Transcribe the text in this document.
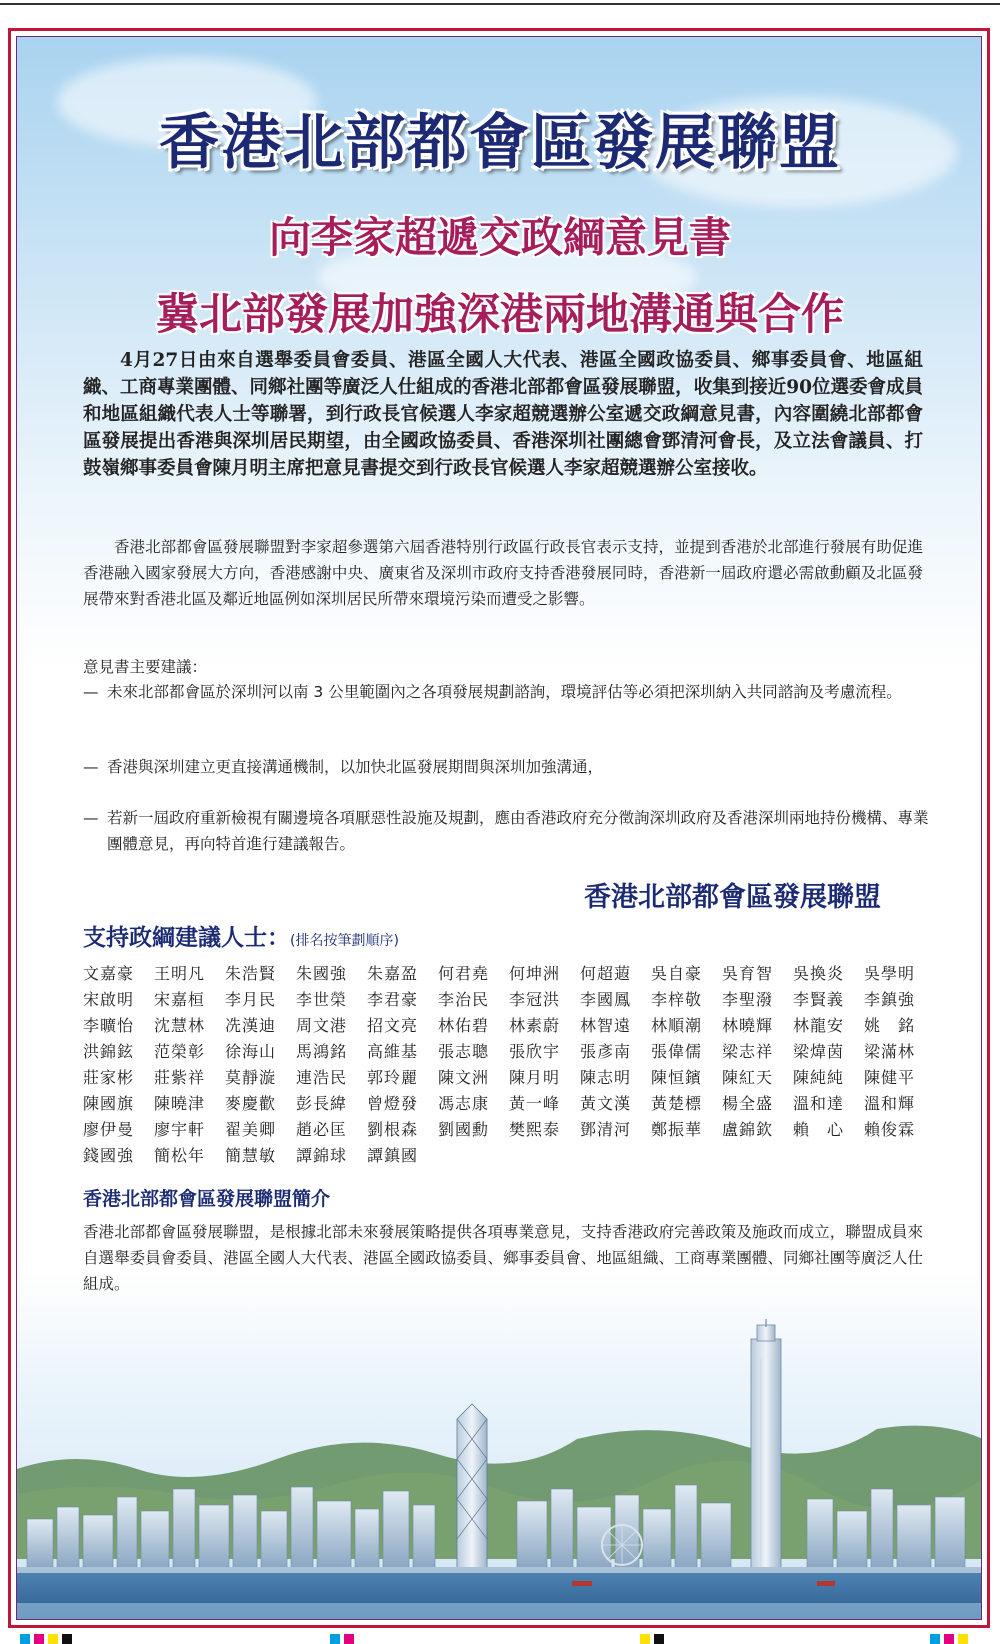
香港北部都會區發展聯盟
向李家超遞交政綱意見書
冀北部發展加強深港兩地溝通與合作

4月27日由來自選舉委員會委員、港區全國人大代表、港區全國政協委員、鄉事委員會、地區組織、工商專業團體、同鄉社團等廣泛人仕組成的香港北部都會區發展聯盟，收集到接近90位選委會成員和地區組織代表人士等聯署，到行政長官候選人李家超競選辦公室遞交政綱意見書，內容圍繞北部都會區發展提出香港與深圳居民期望，由全國政協委員、香港深圳社團總會鄧清河會長，及立法會議員、打鼓嶺鄉事委員會陳月明主席把意見書提交到行政長官候選人李家超競選辦公室接收。

香港北部都會區發展聯盟對李家超參選第六屆香港特別行政區行政長官表示支持，並提到香港於北部進行發展有助促進香港融入國家發展大方向，香港感謝中央、廣東省及深圳市政府支持香港發展同時，香港新一屆政府還必需啟動顧及北區發展帶來對香港北區及鄰近地區例如深圳居民所帶來環境污染而遭受之影響。

意見書主要建議：

— 未來北部都會區於深圳河以南 3 公里範圍內之各項發展規劃諮詢，環境評估等必須把深圳納入共同諮詢及考慮流程。

— 香港與深圳建立更直接溝通機制，以加快北區發展期間與深圳加強溝通，

— 若新一屆政府重新檢視有關邊境各項厭惡性設施及規劃，應由香港政府充分徵詢深圳政府及香港深圳兩地持份機構、專業團體意見，再向特首進行建議報告。

香港北部都會區發展聯盟
支持政綱建議人士：(排名按筆劃順序)
文嘉豪	王明凡	朱浩賢	朱國強	朱嘉盈	何君堯	何坤洲	何超蕸	吳自豪	吳育智	吳換炎	吳學明
宋啟明	宋嘉桓	李月民	李世榮	李君豪	李治民	李冠洪	李國鳳	李梓敬	李聖潑	李賢義	李鎮強
李曠怡	沈慧林	冼漢迪	周文港	招文亮	林佑碧	林素蔚	林智遠	林順潮	林曉輝	林龍安	姚　銘
洪錦鉉	范榮彰	徐海山	馬鴻銘	高維基	張志聰	張欣宇	張彥南	張偉儒	梁志祥	梁煒茵	梁滿林
莊家彬	莊紫祥	莫靜漩	連浩民	郭玲麗	陳文洲	陳月明	陳志明	陳恒鑌	陳紅天	陳純純	陳健平
陳國旗	陳曉津	麥慶歡	彭長緯	曾燈發	馮志康	黃一峰	黃文漢	黃楚標	楊全盛	溫和達	溫和輝
廖伊曼	廖宇軒	翟美卿	趙必匡	劉根森	劉國勳	樊熙泰	鄧清河	鄭振華	盧錦欽	賴　心	賴俊霖
錢國強	簡松年	簡慧敏	譚錦球	譚鎮國
香港北部都會區發展聯盟簡介

香港北部都會區發展聯盟，是根據北部未來發展策略提供各項專業意見，支持香港政府完善政策及施政而成立，聯盟成員來自選舉委員會委員、港區全國人大代表、港區全國政協委員、鄉事委員會、地區組織、工商專業團體、同鄉社團等廣泛人仕組成。
